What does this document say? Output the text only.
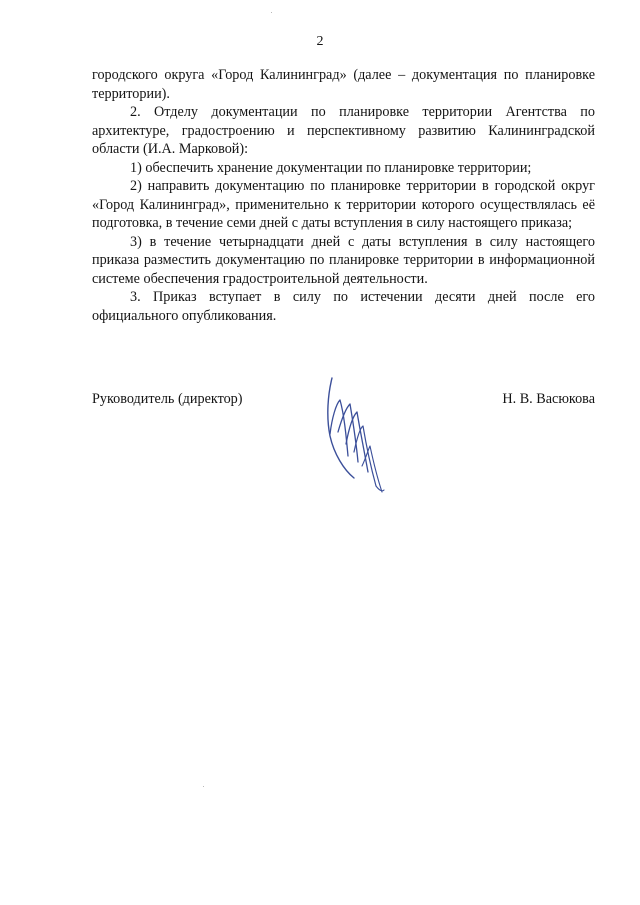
2

городского округа «Город Калининград» (далее – документация по планировке территории).

2. Отделу документации по планировке территории Агентства по архитектуре, градостроению и перспективному развитию Калининградской области (И.А. Марковой):

1) обеспечить хранение документации по планировке территории;

2) направить документацию по планировке территории в городской округ «Город Калининград», применительно к территории которого осуществлялась её подготовка, в течение семи дней с даты вступления в силу настоящего приказа;

3) в течение четырнадцати дней с даты вступления в силу настоящего приказа разместить документацию по планировке территории в информационной системе обеспечения градостроительной деятельности.

3. Приказ вступает в силу по истечении десяти дней после его официального опубликования.

Руководитель (директор)	Н. В. Васюкова
